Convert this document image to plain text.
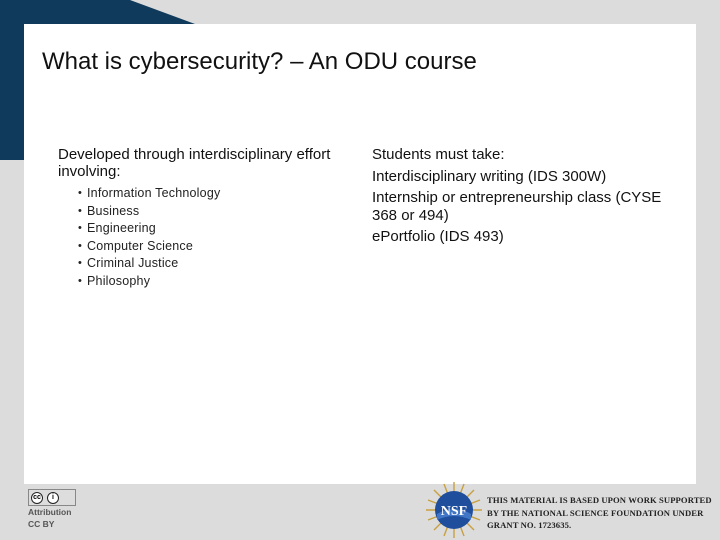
What is cybersecurity? – An ODU course

Developed through interdisciplinary effort involving:

• Information Technology
• Business
• Engineering
• Computer Science
• Criminal Justice
• Philosophy

Students must take:

Interdisciplinary writing (IDS 300W)

Internship or entrepreneurship class (CYSE 368 or 494)

ePortfolio (IDS 493)

cc	i
Attribution
CC BY
NSF
THIS MATERIAL IS BASED UPON WORK SUPPORTED BY THE NATIONAL SCIENCE FOUNDATION UNDER GRANT NO. 1723635.
